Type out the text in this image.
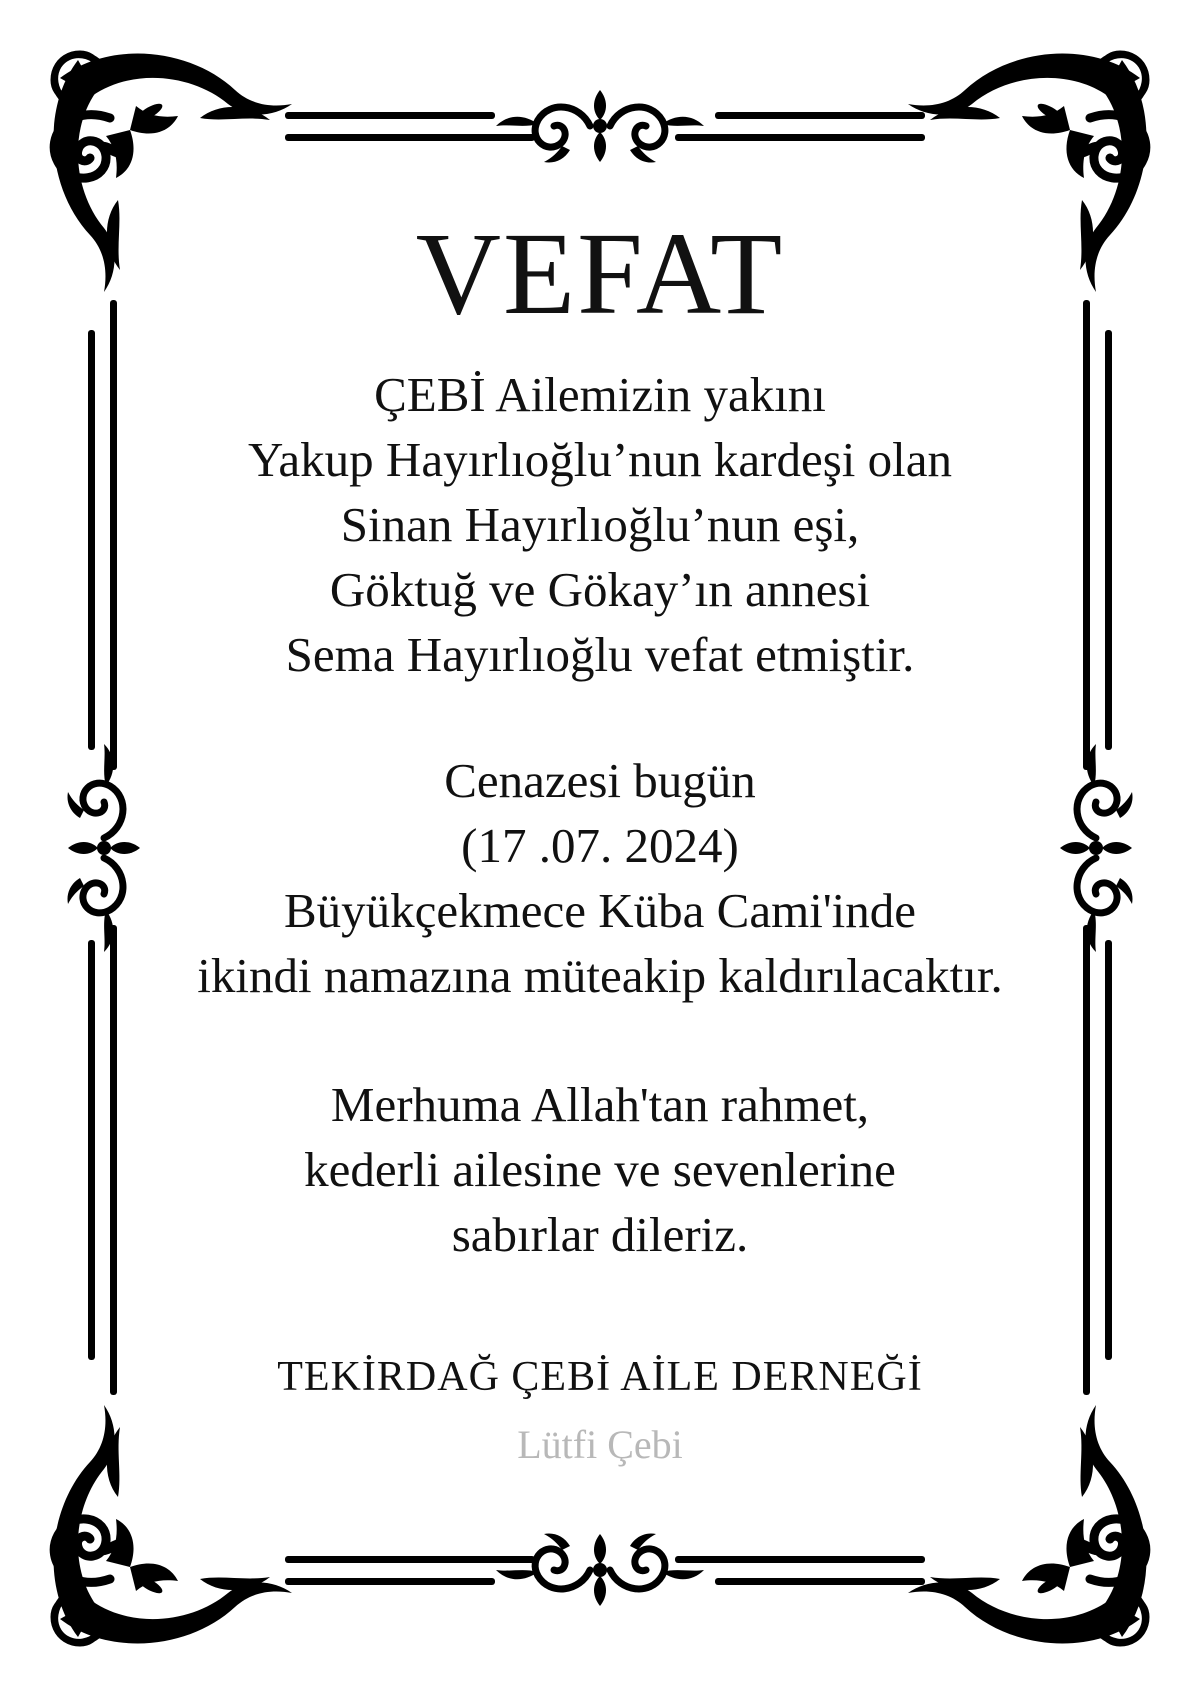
VEFAT
ÇEBİ Ailemizin yakını
Yakup Hayırlıoğlu’nun kardeşi olan
Sinan Hayırlıoğlu’nun eşi,
Göktuğ ve Gökay’ın annesi
Sema Hayırlıoğlu vefat etmiştir.
Cenazesi bugün
(17 .07. 2024)
Büyükçekmece Küba Cami'inde
ikindi namazına müteakip kaldırılacaktır.
Merhuma Allah'tan rahmet,
kederli ailesine ve sevenlerine
sabırlar dileriz.
TEKİRDAĞ ÇEBİ AİLE DERNEĞİ
Lütfi Çebi
